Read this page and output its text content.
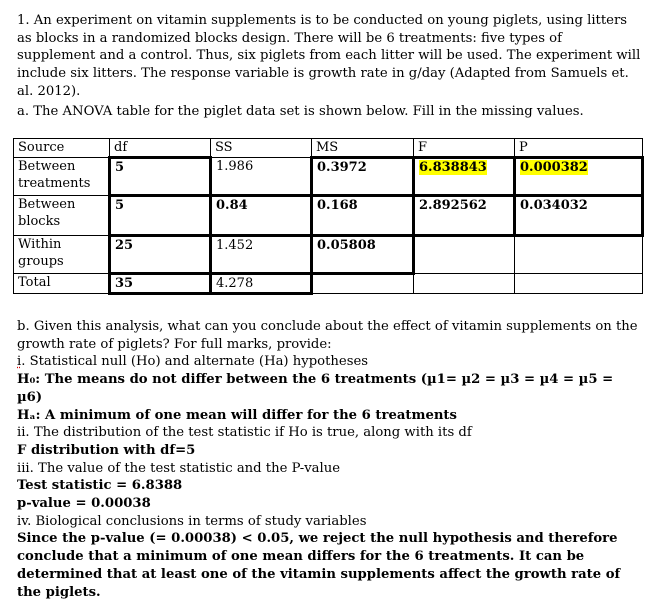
1. An experiment on vitamin supplements is to be conducted on young piglets, using litters as blocks in a randomized blocks design. There will be 6 treatments: five types of supplement and a control. Thus, six piglets from each litter will be used. The experiment will include six litters. The response variable is growth rate in g/day (Adapted from Samuels et. al. 2012).

a. The ANOVA table for the piglet data set is shown below. Fill in the missing values.
Source	df	SS	MS	F	P
Between treatments	5	1.986	0.3972	6.838843	0.000382
Between blocks	5	0.84	0.168	2.892562	0.034032
Within groups	25	1.452	0.05808		
Total	35	4.278			

b. Given this analysis, what can you conclude about the effect of vitamin supplements on the growth rate of piglets? For full marks, provide:

i. Statistical null (Ho) and alternate (Ha) hypotheses

H₀: The means do not differ between the 6 treatments (µ1= µ2 = µ3 = µ4 = µ5 = µ6)

Hₐ: A minimum of one mean will differ for the 6 treatments

ii. The distribution of the test statistic if Ho is true, along with its df

F distribution with df=5

iii. The value of the test statistic and the P-value

Test statistic = 6.8388

p-value = 0.00038

iv. Biological conclusions in terms of study variables

Since the p-value (= 0.00038) < 0.05, we reject the null hypothesis and therefore conclude that a minimum of one mean differs for the 6 treatments. It can be determined that at least one of the vitamin supplements affect the growth rate of the piglets.
